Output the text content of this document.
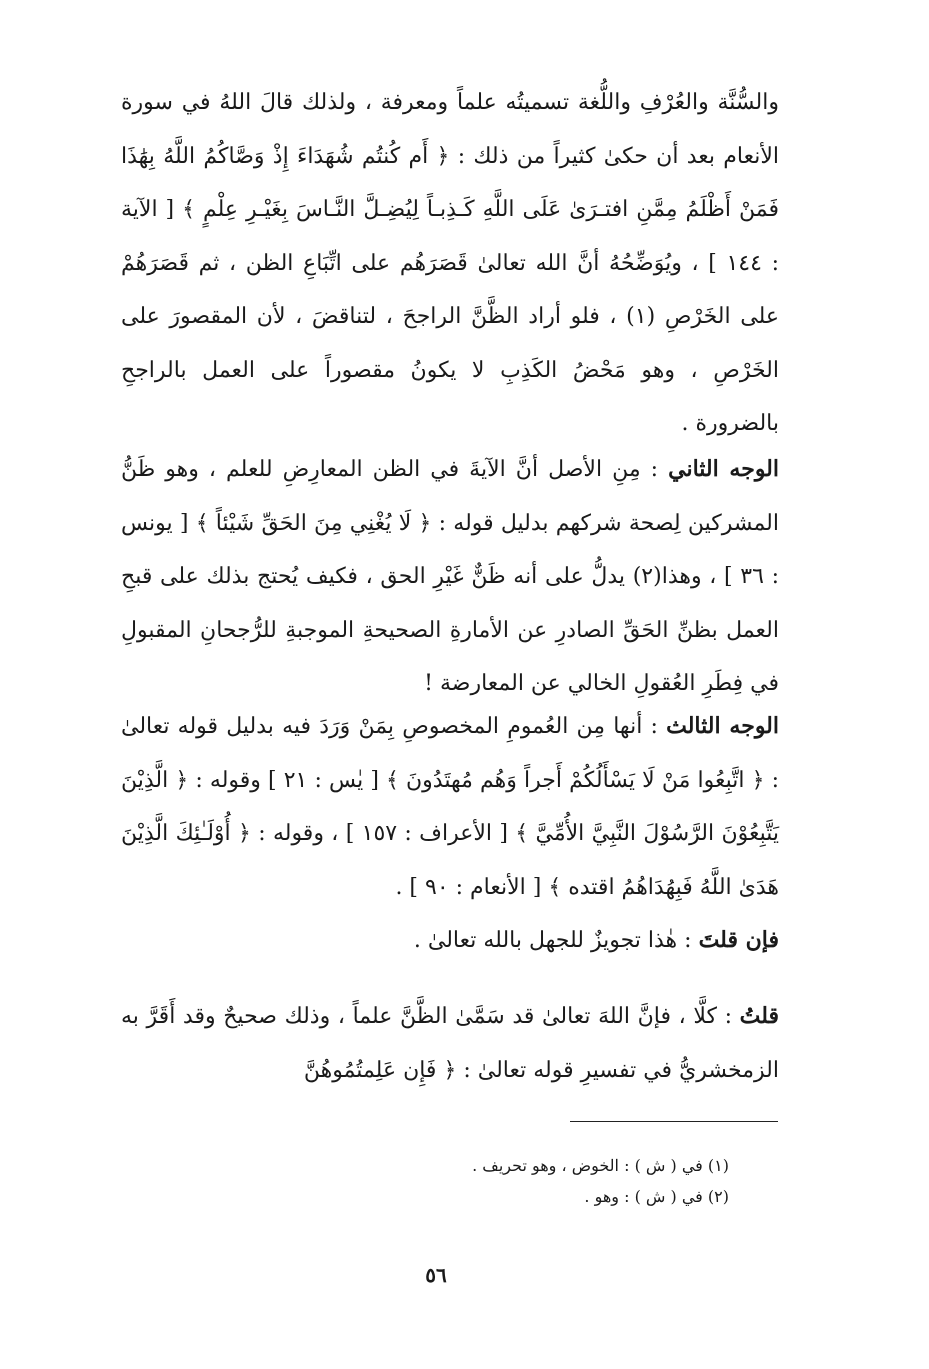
والسُّنَّة والعُرْفِ واللُّغة تسميتُه علماً ومعرفة ، ولذلك قالَ اللهُ في سورة الأنعام بعد أن حكىٰ كثيراً من ذلك : ﴿ أَم كُنتُم شُهَدَاءَ إِذْ وَصَّاكُمُ اللَّهُ بِهَٰذَا فَمَنْ أَظْلَمُ مِمَّنِ افتـرَىٰ عَلَى اللَّهِ كَـذِبـاً لِيُضِـلَّ النَّـاسَ بِغَيْـرِ عِلْمٍ ﴾ [ الآية : ١٤٤ ] ، ويُوَضِّحُهُ أنَّ الله تعالىٰ قَصَرَهُم على اتِّبَاعِ الظن ، ثم قَصَرَهُمْ على الخَرْصِ (١) ، فلو أراد الظَّنَّ الراجحَ ، لتناقضَ ، لأن المقصورَ على الخَرْصِ ، وهو مَحْضُ الكَذِبِ لا يكونُ مقصوراً على العمل بالراجحِ بالضرورة .

الوجه الثاني : مِنِ الأصل أنَّ الآيةَ في الظن المعارِضِ للعلم ، وهو ظَنُّ المشركين لِصحة شركهم بدليل قوله : ﴿ لَا يُغْنِي مِنَ الحَقِّ شَيْئاً ﴾ [ يونس : ٣٦ ] ، وهذا(٢) يدلُّ على أنه ظَنٌّ غَيْرِ الحق ، فكيف يُحتج بذلك على قبحِ العمل بظنِّ الحَقِّ الصادرِ عن الأمارةِ الصحيحةِ الموجبةِ للرُّجحانِ المقبولِ في فِطَرِ العُقولِ الخالي عن المعارضة !

الوجه الثالث : أنها مِن العُمومِ المخصوصِ بِمَنْ وَرَدَ فيه بدليل قوله تعالىٰ : ﴿ اتَّبِعُوا مَنْ لَا يَسْأَلُكُمْ أَجراً وَهُم مُهتَدُونَ ﴾ [ يٰس : ٢١ ] وقوله : ﴿ الَّذِيْنَ يَتَّبِعُوْنَ الرَّسُوْلَ النَّبِيَّ الأُمِّيَّ ﴾ [ الأعراف : ١٥٧ ] ، وقوله : ﴿ أُوْلَـٰئِكَ الَّذِيْنَ هَدَىٰ اللَّهُ فَبِهُدَاهُمُ اقتده ﴾ [ الأنعام : ٩٠ ] .

فإن قلتَ : هٰذا تجويزٌ للجهل بالله تعالىٰ .

قلتُ : كلَّا ، فإنَّ اللهَ تعالىٰ قد سَمَّىٰ الظَّنَّ علماً ، وذلك صحيحٌ وقد أَقَرَّ به الزمخشريُّ في تفسيرِ قوله تعالىٰ : ﴿ فَإِن عَلِمتُمُوهُنَّ

(١) في ( ش ) : الخوض ، وهو تحريف .
(٢) في ( ش ) : وهو .
٥٦
